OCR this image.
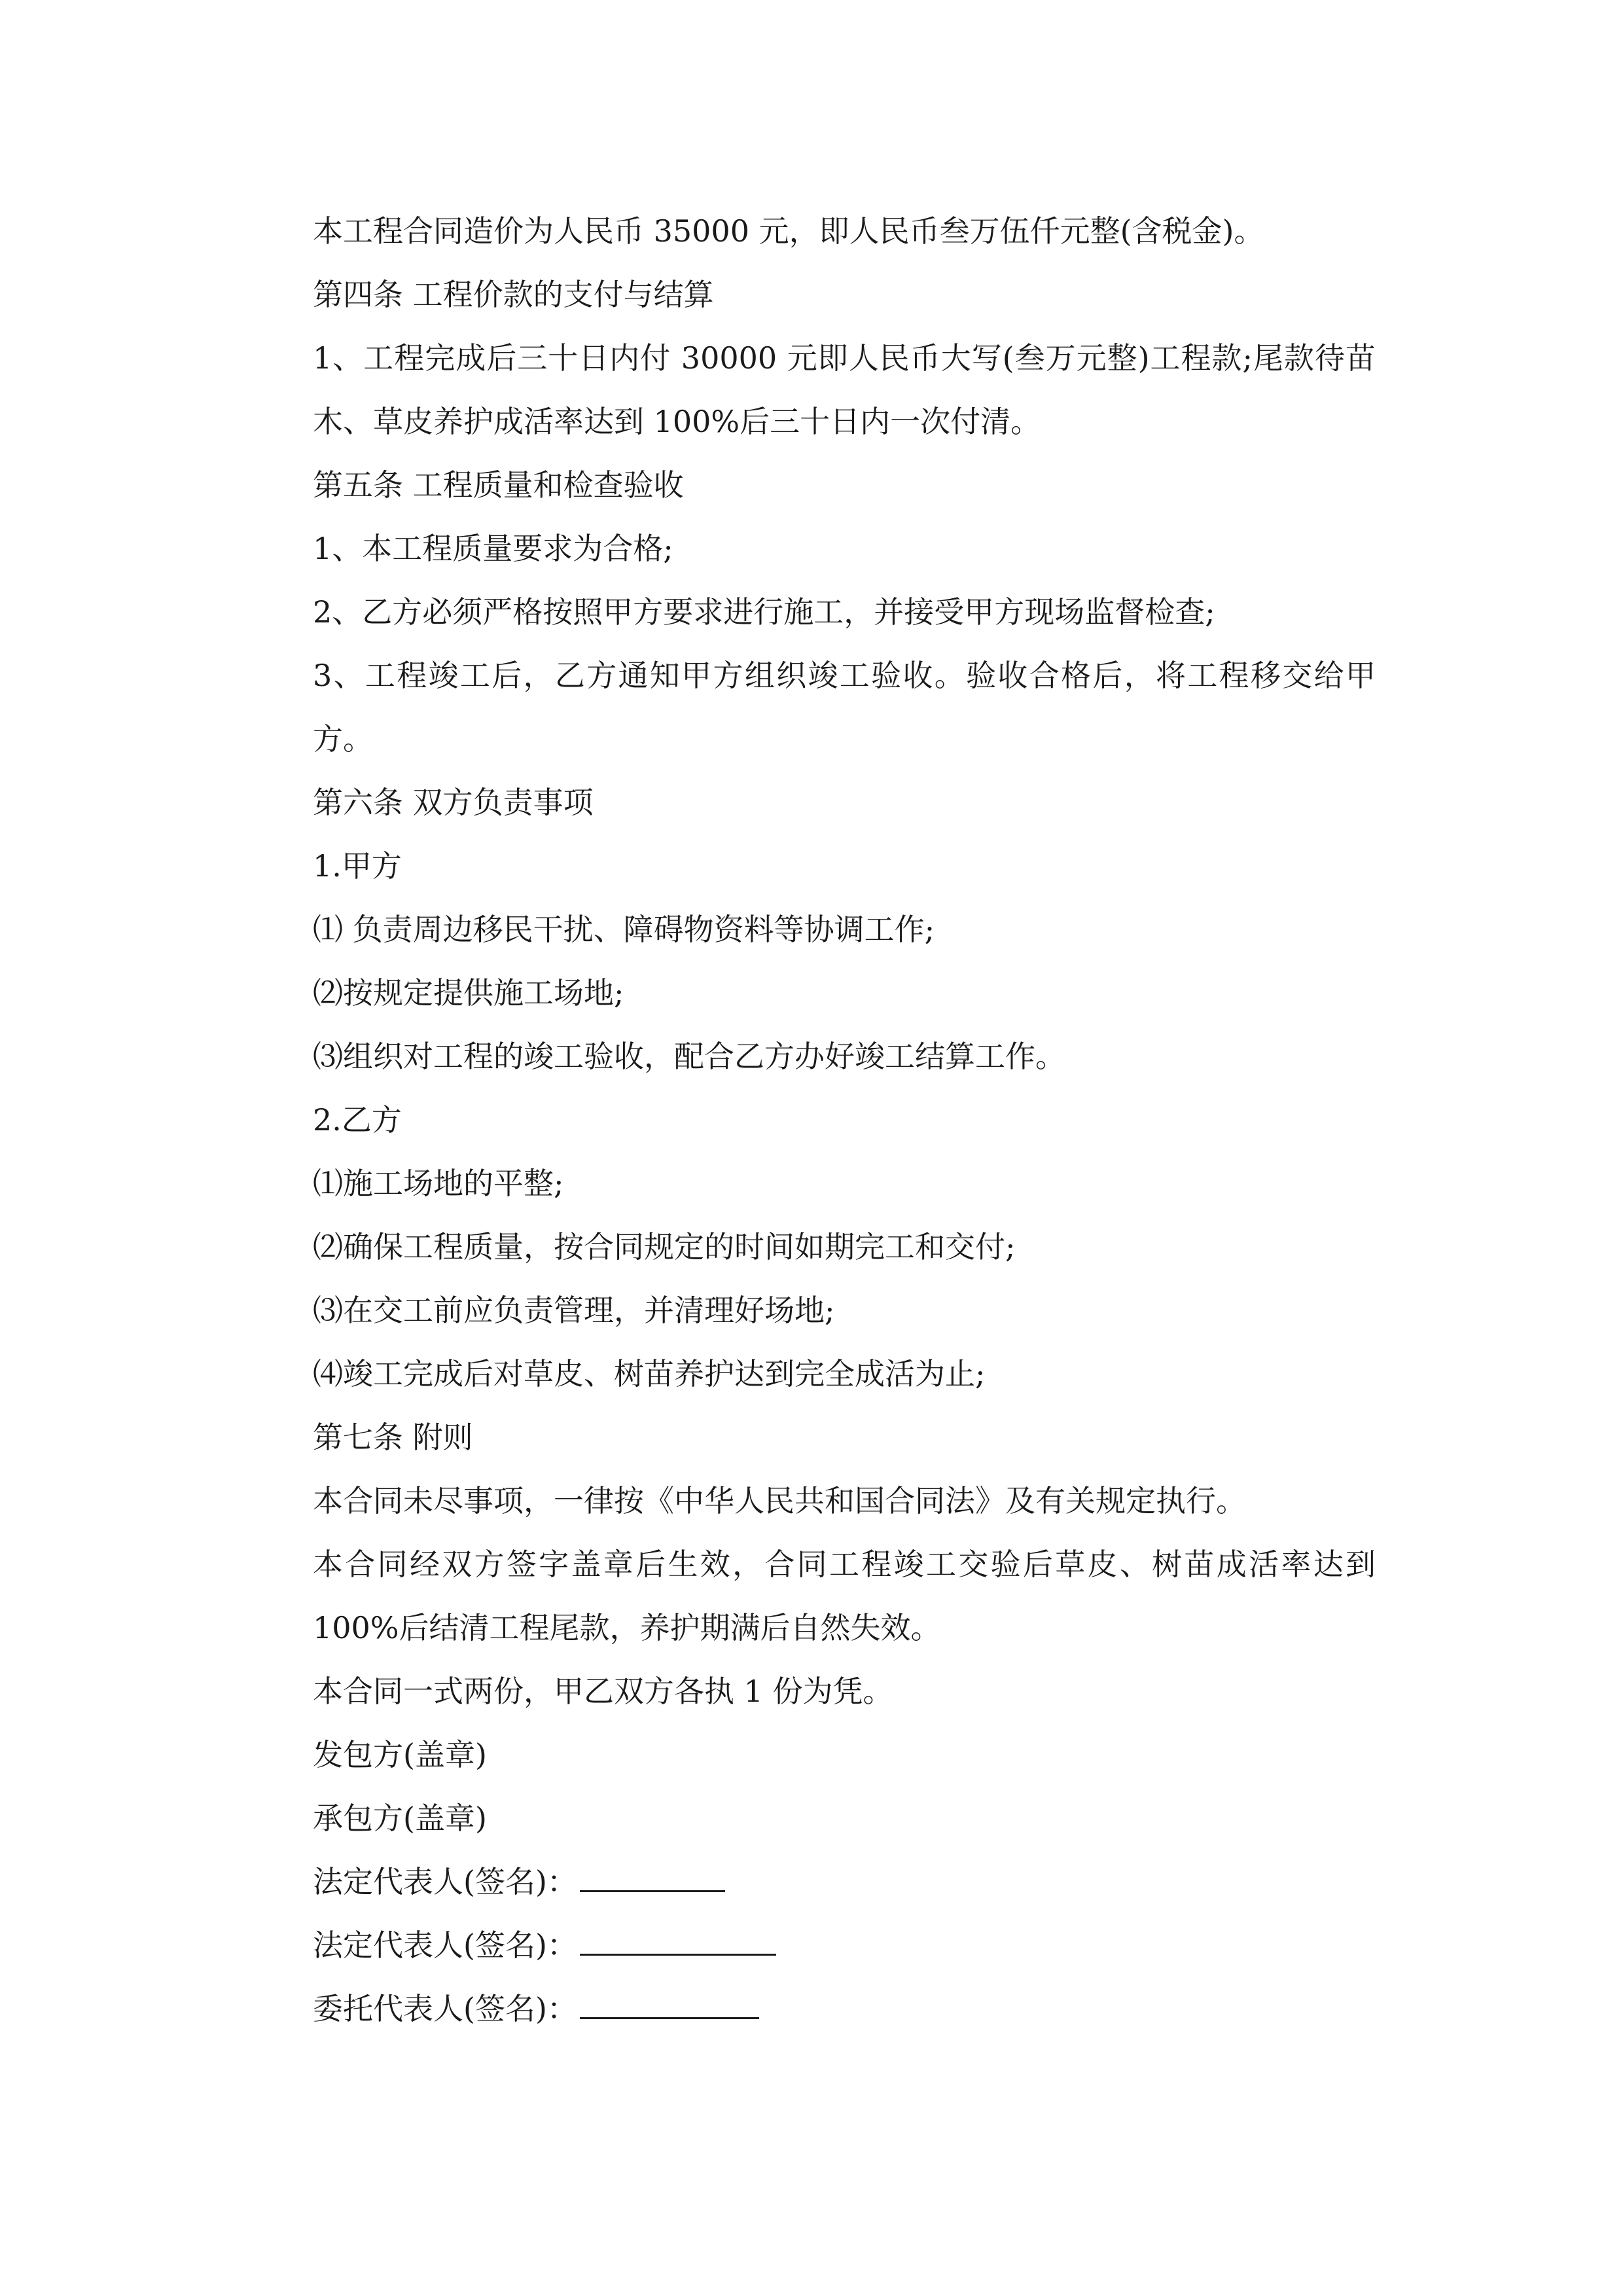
本工程合同造价为人民币 35000 元，即人民币叁万伍仟元整(含税金)。

第四条 工程价款的支付与结算

1、工程完成后三十日内付 30000 元即人民币大写(叁万元整)工程款;尾款待苗木、草皮养护成活率达到 100%后三十日内一次付清。

第五条 工程质量和检查验收

1、本工程质量要求为合格;

2、乙方必须严格按照甲方要求进行施工，并接受甲方现场监督检查;

3、工程竣工后，乙方通知甲方组织竣工验收。验收合格后，将工程移交给甲方。

第六条 双方负责事项

1.甲方

⑴ 负责周边移民干扰、障碍物资料等协调工作;

⑵按规定提供施工场地;

⑶组织对工程的竣工验收，配合乙方办好竣工结算工作。

2.乙方

⑴施工场地的平整;

⑵确保工程质量，按合同规定的时间如期完工和交付;

⑶在交工前应负责管理，并清理好场地;

⑷竣工完成后对草皮、树苗养护达到完全成活为止;

第七条 附则

本合同未尽事项，一律按《中华人民共和国合同法》及有关规定执行。

本合同经双方签字盖章后生效，合同工程竣工交验后草皮、树苗成活率达到 100%后结清工程尾款，养护期满后自然失效。

本合同一式两份，甲乙双方各执 1 份为凭。

发包方(盖章)

承包方(盖章)

法定代表人(签名)：

法定代表人(签名)：

委托代表人(签名)：
